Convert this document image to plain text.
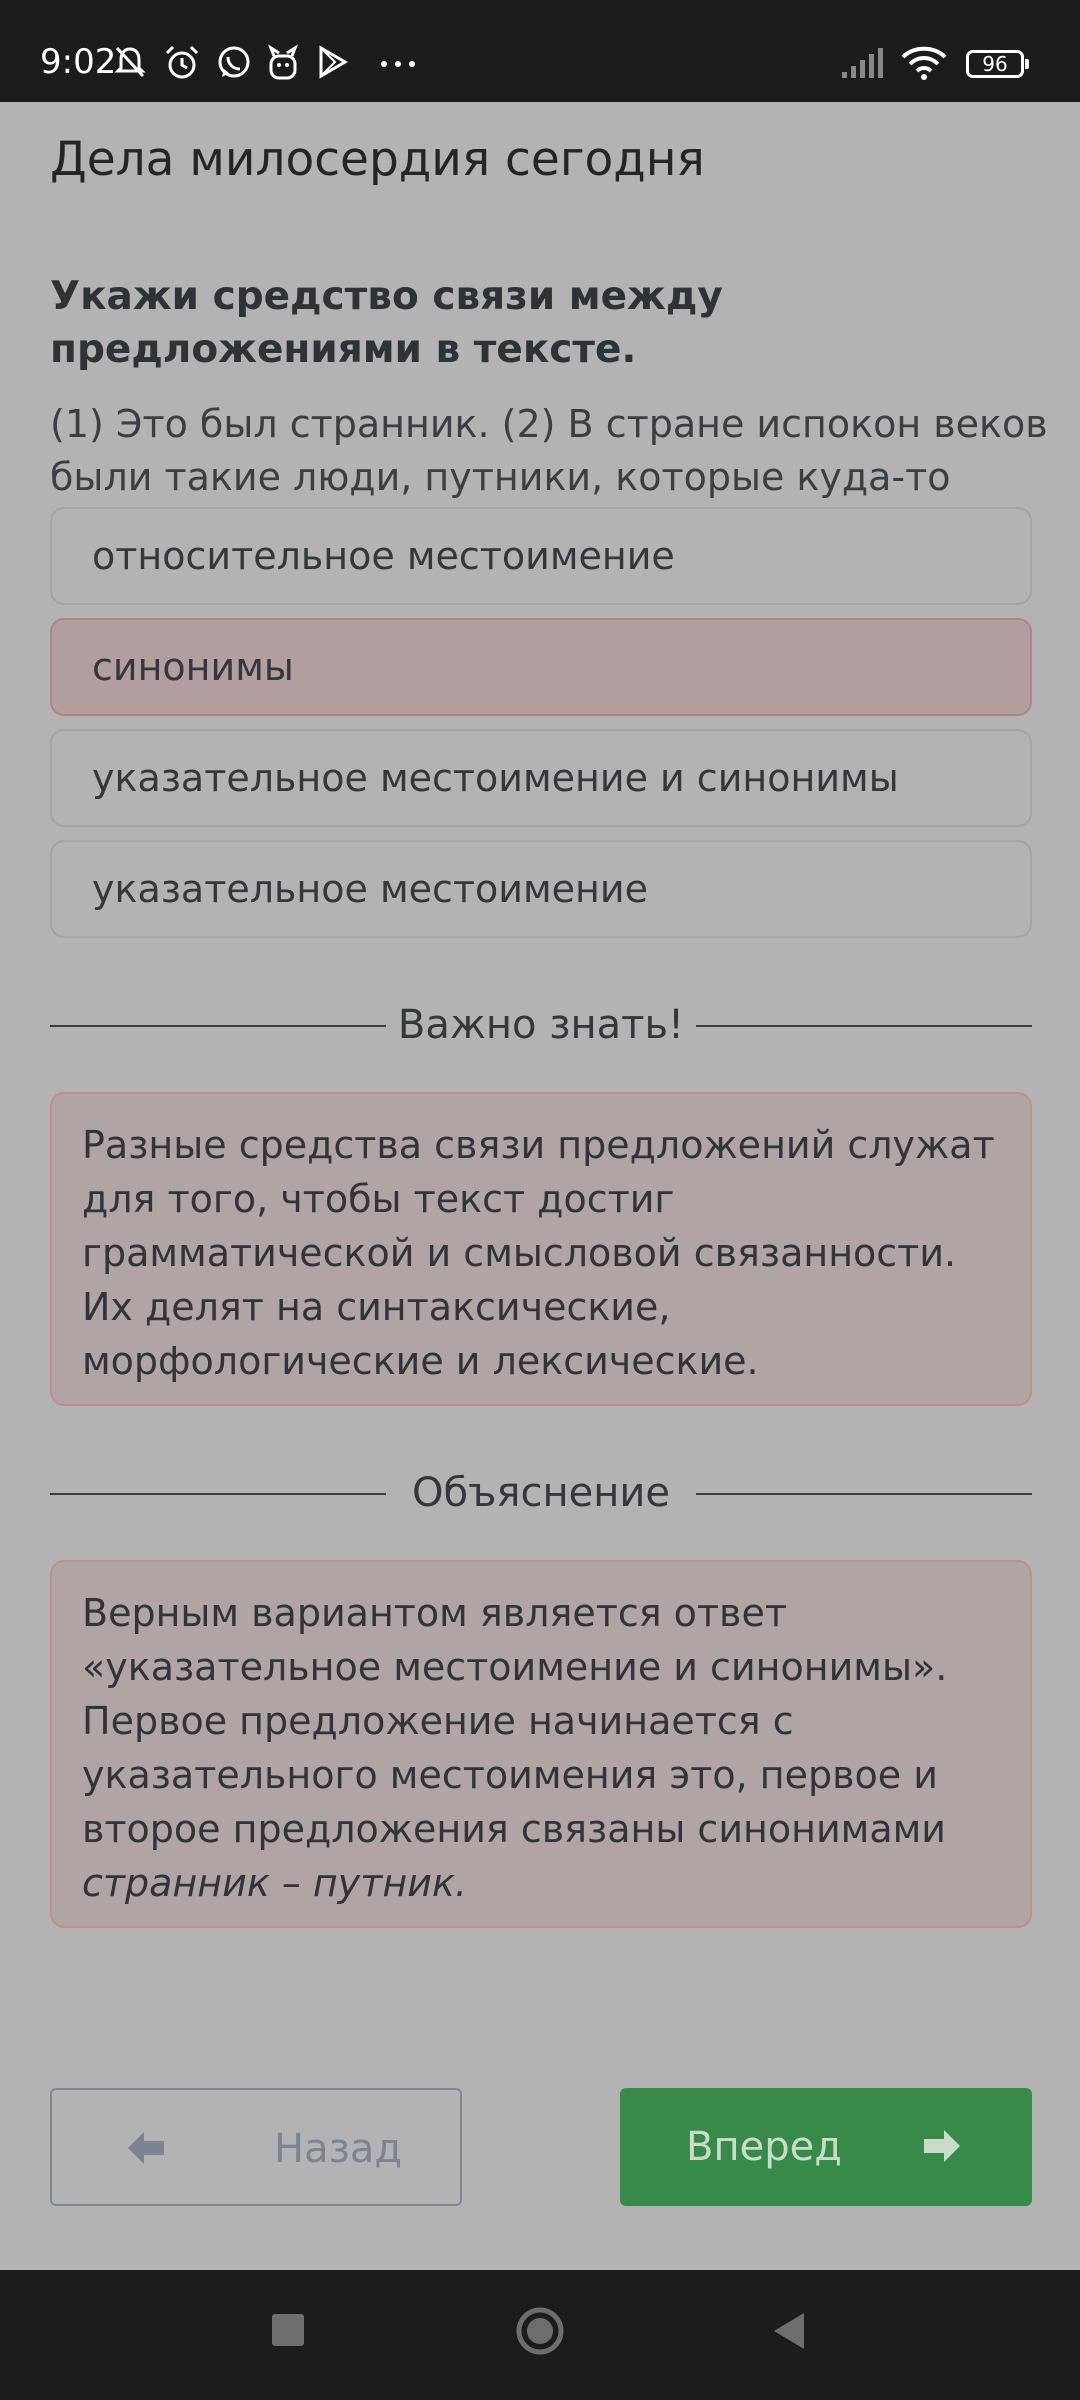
9:02	96
Дела милосердия сегодня
Укажи средство связи между предложениями в тексте.
(1) Это был странник. (2) В стране испокон веков были такие люди, путники, которые куда-то
относительное местоимение
синонимы
указательное местоимение и синонимы
указательное местоимение
Важно знать!
Разные средства связи предложений служат для того, чтобы текст достиг грамматической и смысловой связанности. Их делят на синтаксические, морфологические и лексические.
Объяснение
Верным вариантом является ответ «указательное местоимение и синонимы». Первое предложение начинается с указательного местоимения это, первое и второе предложения связаны синонимами странник – путник.
Назад	Вперед
